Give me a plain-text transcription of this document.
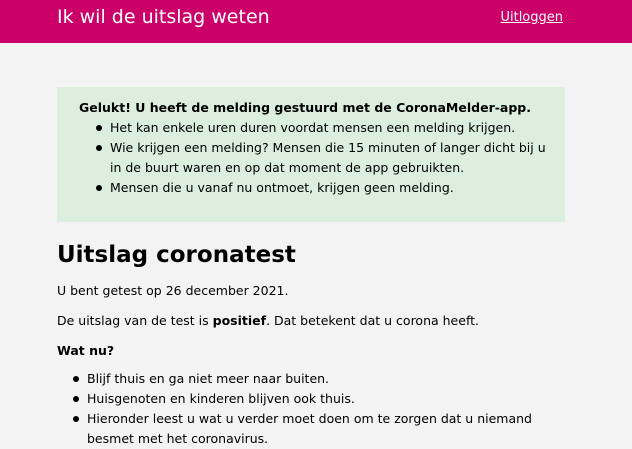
Ik wil de uitslag weten	Uitloggen
Gelukt! U heeft de melding gestuurd met de CoronaMelder-app.
Het kan enkele uren duren voordat mensen een melding krijgen.
Wie krijgen een melding? Mensen die 15 minuten of langer dicht bij u in de buurt waren en op dat moment de app gebruikten.
Mensen die u vanaf nu ontmoet, krijgen geen melding.
Uitslag coronatest

U bent getest op 26 december 2021.

De uitslag van de test is positief. Dat betekent dat u corona heeft.

Wat nu?
Blijf thuis en ga niet meer naar buiten.
Huisgenoten en kinderen blijven ook thuis.
Hieronder leest u wat u verder moet doen om te zorgen dat u niemand besmet met het coronavirus.
